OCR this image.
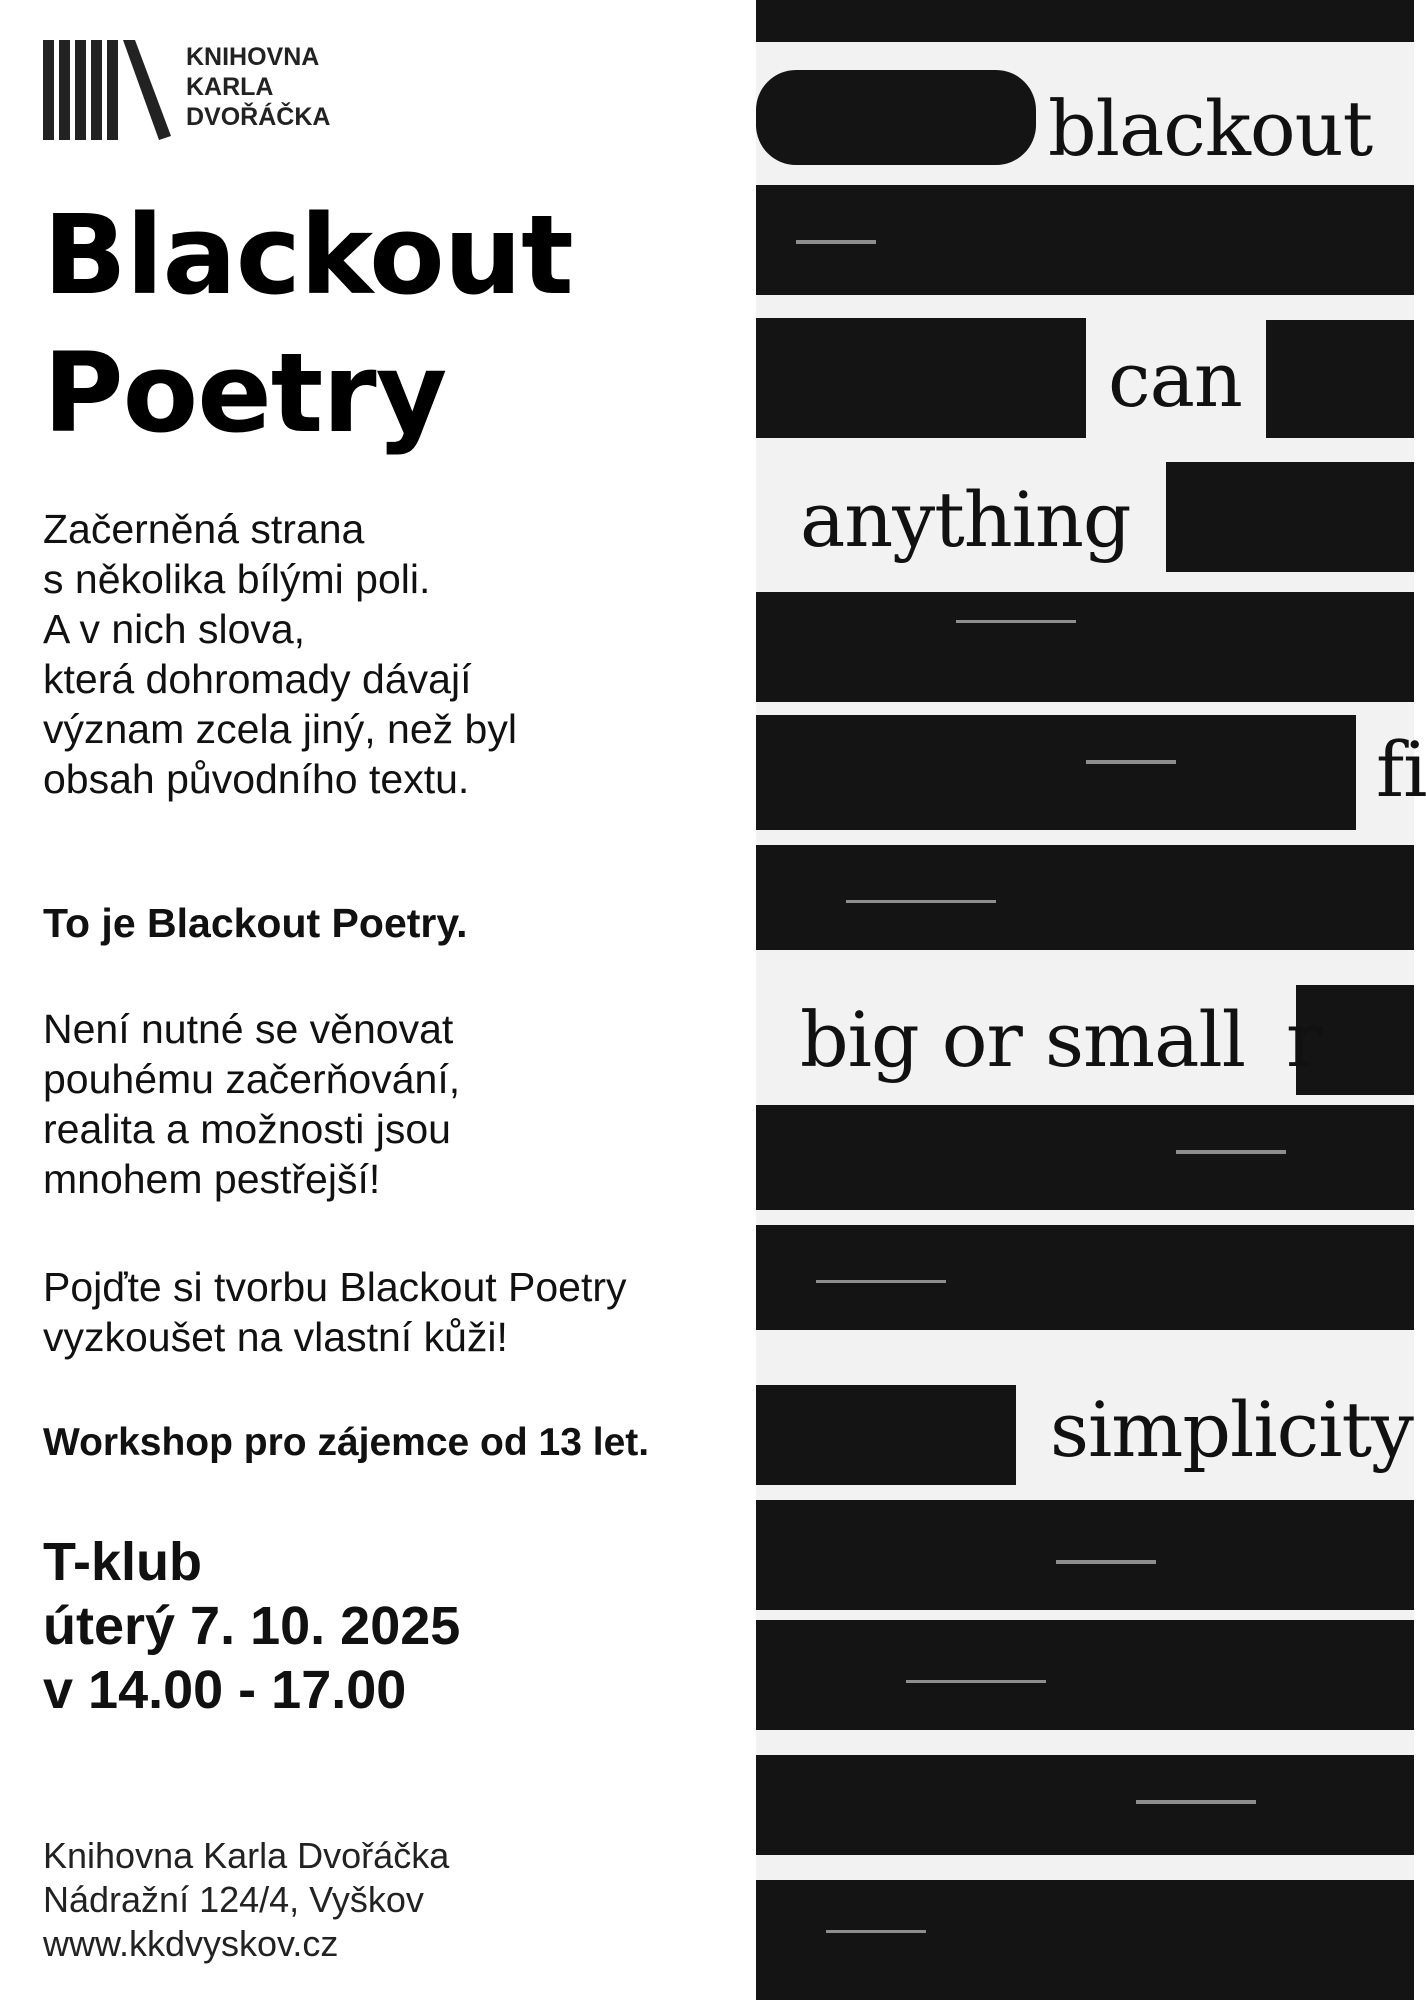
KNIHOVNA
KARLA
DVOŘÁČKA
Blackout
Poetry
Začerněná strana
s několika bílými poli.
A v nich slova,
která dohromady dávají
význam zcela jiný, než byl
obsah původního textu.
To je Blackout Poetry.
Není nutné se věnovat
pouhému začerňování,
realita a možnosti jsou
mnohem pestřejší!
Pojďte si tvorbu Blackout Poetry
vyzkoušet na vlastní kůži!
Workshop pro zájemce od 13 let.
T-klub
úterý 7. 10. 2025
v 14.00 - 17.00
Knihovna Karla Dvořáčka
Nádražní 124/4, Vyškov
www.kkdvyskov.cz
blackout
can
anything
fi
big or small r
simplicity
